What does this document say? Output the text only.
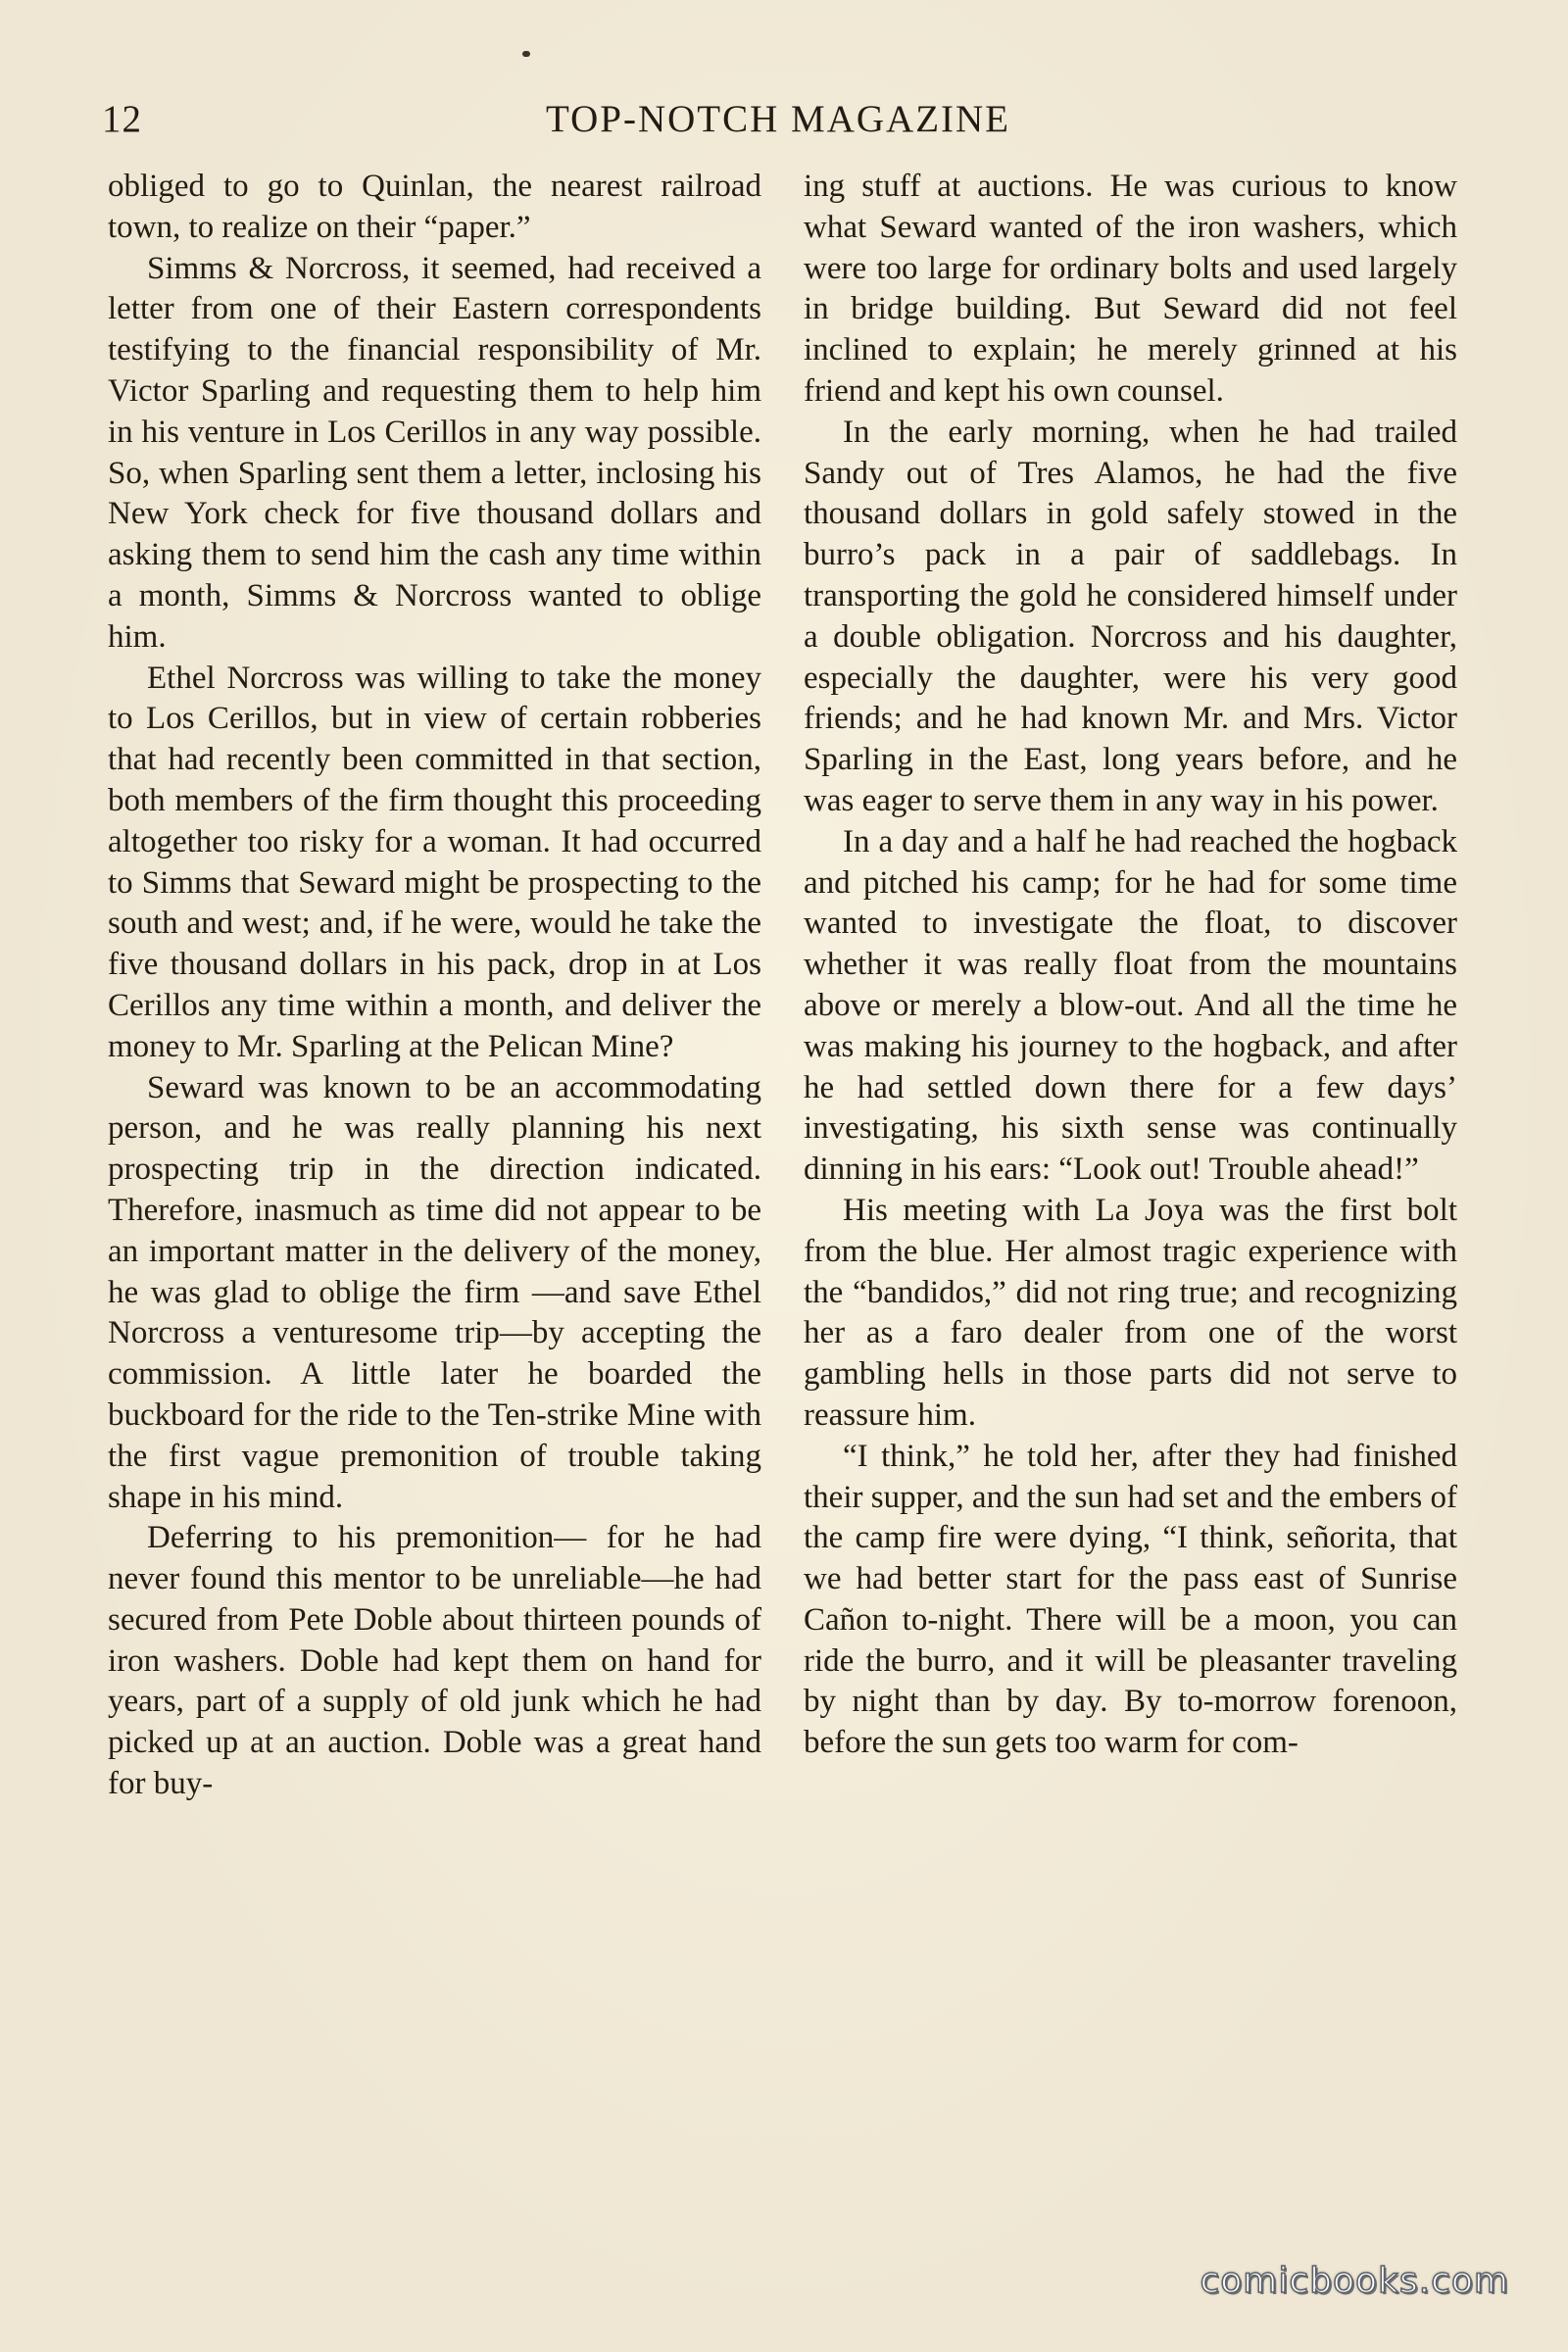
12	TOP-NOTCH MAGAZINE

obliged to go to Quinlan, the nearest railroad town, to realize on their “paper.”

Simms & Norcross, it seemed, had received a letter from one of their Eastern correspondents testifying to the financial responsibility of Mr. Victor Sparling and requesting them to help him in his venture in Los Cerillos in any way possible. So, when Sparling sent them a letter, inclosing his New York check for five thousand dollars and asking them to send him the cash any time within a month, Simms & Norcross wanted to oblige him.

Ethel Norcross was willing to take the money to Los Cerillos, but in view of certain robberies that had recently been committed in that section, both members of the firm thought this proceeding altogether too risky for a woman. It had occurred to Simms that Seward might be prospecting to the south and west; and, if he were, would he take the five thousand dollars in his pack, drop in at Los Cerillos any time within a month, and deliver the money to Mr. Sparling at the Pelican Mine?

Seward was known to be an accommodating person, and he was really planning his next prospecting trip in the direction indicated. Therefore, inasmuch as time did not appear to be an important matter in the delivery of the money, he was glad to oblige the firm —and save Ethel Norcross a venturesome trip—by accepting the commission. A little later he boarded the buckboard for the ride to the Ten-strike Mine with the first vague premonition of trouble taking shape in his mind.

Deferring to his premonition— for he had never found this mentor to be unreliable—he had secured from Pete Doble about thirteen pounds of iron washers. Doble had kept them on hand for years, part of a supply of old junk which he had picked up at an auction. Doble was a great hand for buy-

ing stuff at auctions. He was curious to know what Seward wanted of the iron washers, which were too large for ordinary bolts and used largely in bridge building. But Seward did not feel inclined to explain; he merely grinned at his friend and kept his own counsel.

In the early morning, when he had trailed Sandy out of Tres Alamos, he had the five thousand dollars in gold safely stowed in the burro’s pack in a pair of saddlebags. In transporting the gold he considered himself under a double obligation. Norcross and his daughter, especially the daughter, were his very good friends; and he had known Mr. and Mrs. Victor Sparling in the East, long years before, and he was eager to serve them in any way in his power.

In a day and a half he had reached the hogback and pitched his camp; for he had for some time wanted to investigate the float, to discover whether it was really float from the mountains above or merely a blow-out. And all the time he was making his journey to the hogback, and after he had settled down there for a few days’ investigating, his sixth sense was continually dinning in his ears: “Look out! Trouble ahead!”

His meeting with La Joya was the first bolt from the blue. Her almost tragic experience with the “bandidos,” did not ring true; and recognizing her as a faro dealer from one of the worst gambling hells in those parts did not serve to reassure him.

“I think,” he told her, after they had finished their supper, and the sun had set and the embers of the camp fire were dying, “I think, señorita, that we had better start for the pass east of Sunrise Cañon to-night. There will be a moon, you can ride the burro, and it will be pleasanter traveling by night than by day. By to-morrow forenoon, before the sun gets too warm for com-

comicbooks.com
